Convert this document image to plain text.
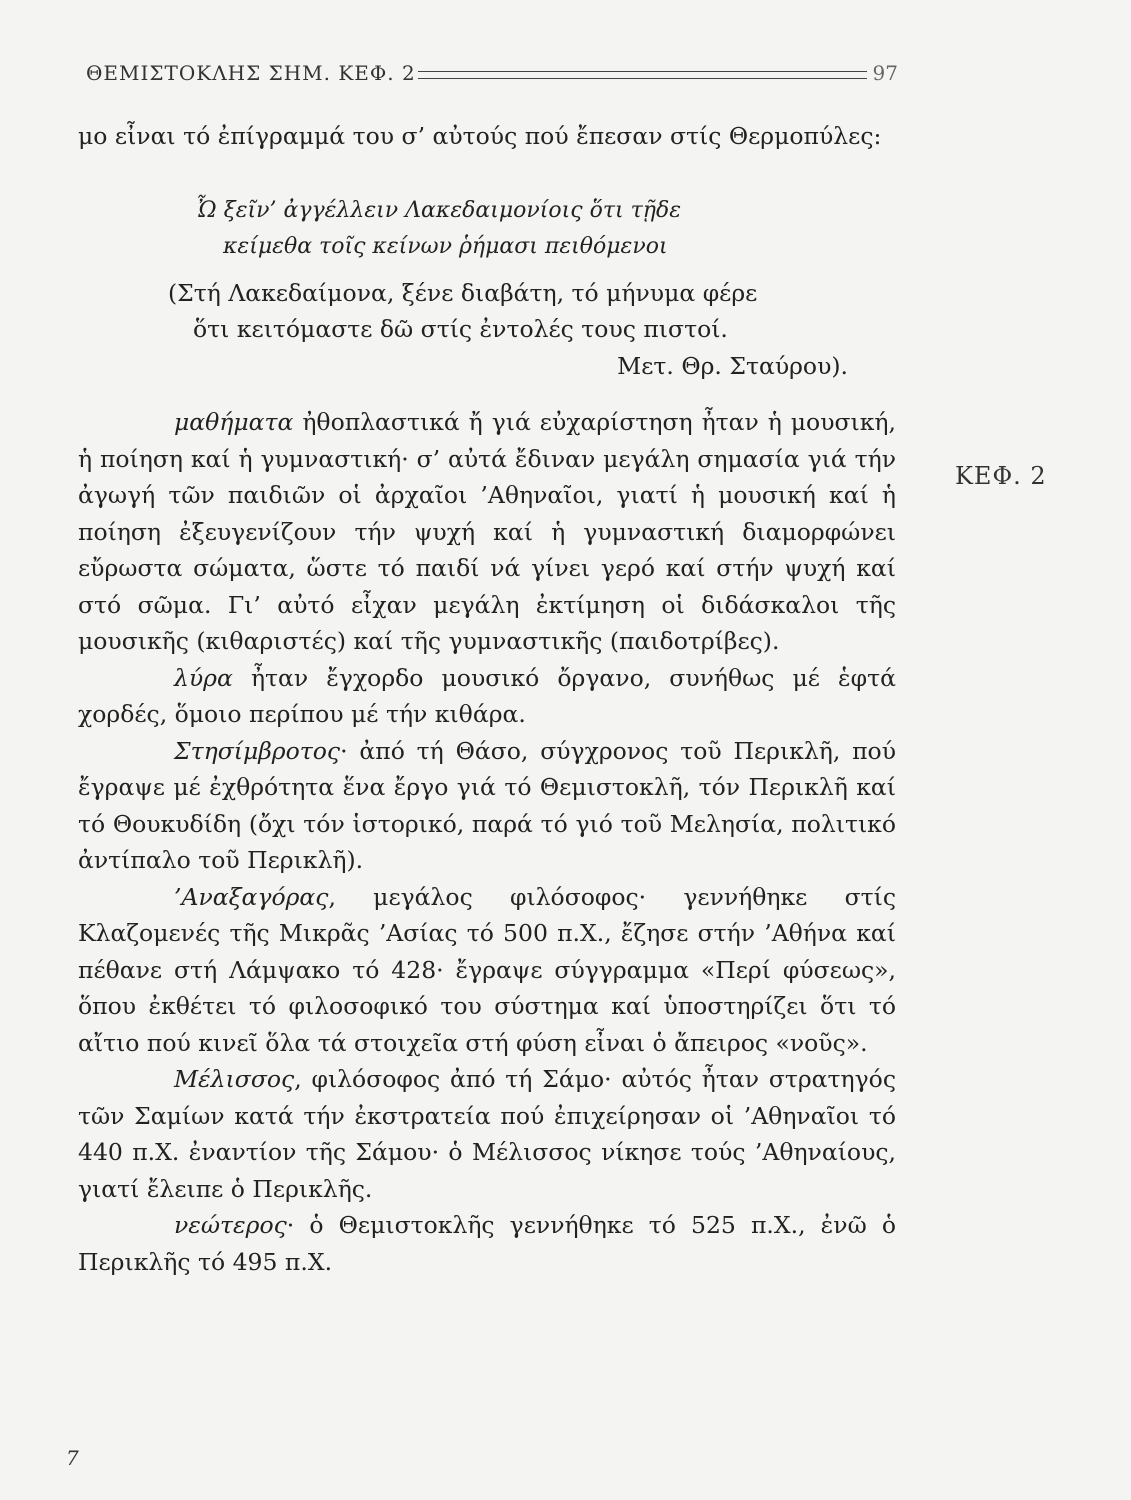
ΘΕΜΙΣΤΟΚΛΗΣ ΣΗΜ. ΚΕΦ. 2	97
ΚΕΦ. 2

μο εἶναι τό ἐπίγραμμά του σ’ αὐτούς πού ἔπεσαν στίς Θερμοπύλες:

Ὦ ξεῖν’ ἀγγέλλειν Λακεδαιμονίοις ὅτι τῇδε
κείμεθα τοῖς κείνων ῥήμασι πειθόμενοι
(Στή Λακεδαίμονα, ξένε διαβάτη, τό μήνυμα φέρε
ὅτι κειτόμαστε δῶ στίς ἐντολές τους πιστοί.
Μετ. Θρ. Σταύρου).

μαθήματα ἠθοπλαστικά ἤ γιά εὐχαρίστηση ἦταν ἡ μουσική, ἡ ποίηση καί ἡ γυμναστική· σ’ αὐτά ἔδιναν μεγάλη σημασία γιά τήν ἀγωγή τῶν παιδιῶν οἱ ἀρχαῖοι ’Αθηναῖοι, γιατί ἡ μουσική καί ἡ ποίηση ἐξευγενίζουν τήν ψυχή καί ἡ γυμναστική διαμορφώνει εὔρωστα σώματα, ὥστε τό παιδί νά γίνει γερό καί στήν ψυχή καί στό σῶμα. Γι’ αὐτό εἶχαν μεγάλη ἐκτίμηση οἱ διδάσκαλοι τῆς μουσικῆς (κιθαριστές) καί τῆς γυμναστικῆς (παιδοτρίβες).

λύρα ἦταν ἔγχορδο μουσικό ὄργανο, συνήθως μέ ἑφτά χορδές, ὅμοιο περίπου μέ τήν κιθάρα.

Στησίμβροτος· ἀπό τή Θάσο, σύγχρονος τοῦ Περικλῆ, πού ἔγραψε μέ ἐχθρότητα ἕνα ἔργο γιά τό Θεμιστοκλῆ, τόν Περικλῆ καί τό Θουκυδίδη (ὄχι τόν ἱστορικό, παρά τό γιό τοῦ Μελησία, πολιτικό ἀντίπαλο τοῦ Περικλῆ).

’Αναξαγόρας, μεγάλος φιλόσοφος· γεννήθηκε στίς Κλαζομενές τῆς Μικρᾶς ’Ασίας τό 500 π.Χ., ἔζησε στήν ’Αθήνα καί πέθανε στή Λάμψακο τό 428· ἔγραψε σύγγραμμα «Περί φύσεως», ὅπου ἐκθέτει τό φιλοσοφικό του σύστημα καί ὑποστηρίζει ὅτι τό αἴτιο πού κινεῖ ὅλα τά στοιχεῖα στή φύση εἶναι ὁ ἄπειρος «νοῦς».

Μέλισσος, φιλόσοφος ἀπό τή Σάμο· αὐτός ἦταν στρατηγός τῶν Σαμίων κατά τήν ἐκστρατεία πού ἐπιχείρησαν οἱ ’Αθηναῖοι τό 440 π.Χ. ἐναντίον τῆς Σάμου· ὁ Μέλισσος νίκησε τούς ’Αθηναίους, γιατί ἔλειπε ὁ Περικλῆς.

νεώτερος· ὁ Θεμιστοκλῆς γεννήθηκε τό 525 π.Χ., ἐνῶ ὁ Περικλῆς τό 495 π.Χ.

7
